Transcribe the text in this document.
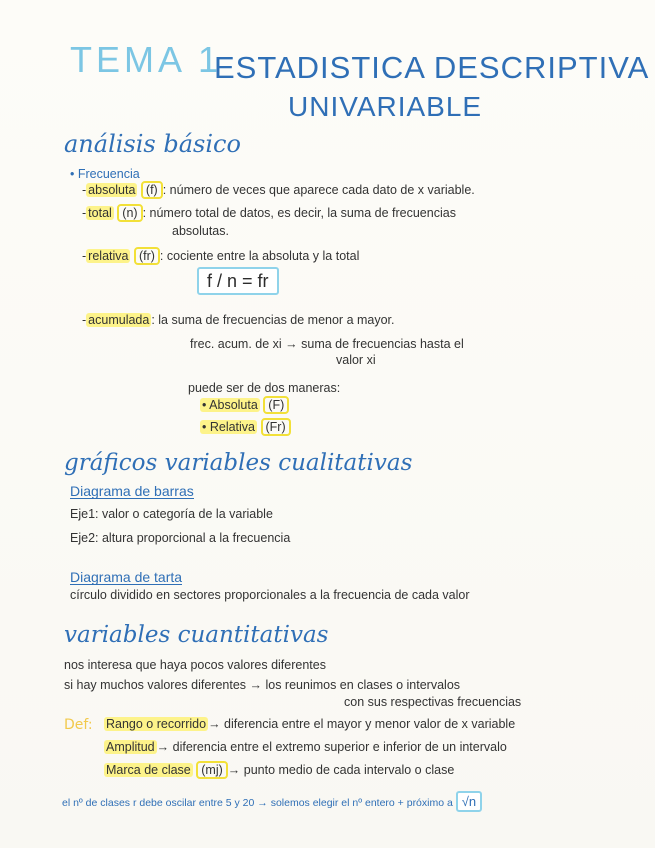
TEMA 1
ESTADISTICA DESCRIPTIVA
UNIVARIABLE
análisis básico
• Frecuencia
- absoluta (f) : número de veces que aparece cada dato de x variable.
- total (n) : número total de datos, es decir, la suma de frecuencias
absolutas.
- relativa (fr) : cociente entre la absoluta y la total
f / n = fr
- acumulada : la suma de frecuencias de menor a mayor.
frec. acum. de xi → suma de frecuencias hasta el
valor xi
puede ser de dos maneras:
• Absoluta (F)
• Relativa (Fr)
gráficos variables cualitativas
Diagrama de barras
Eje1: valor o categoría de la variable
Eje2: altura proporcional a la frecuencia
Diagrama de tarta
círculo dividido en sectores proporcionales a la frecuencia de cada valor
variables cuantitativas
nos interesa que haya pocos valores diferentes
si hay muchos valores diferentes → los reunimos en clases o intervalos
con sus respectivas frecuencias
Def: Rango o recorrido → diferencia entre el mayor y menor valor de x variable
Amplitud → diferencia entre el extremo superior e inferior de un intervalo
Marca de clase (mj) → punto medio de cada intervalo o clase
el nº de clases r debe oscilar entre 5 y 20 → solemos elegir el nº entero + próximo a √n
